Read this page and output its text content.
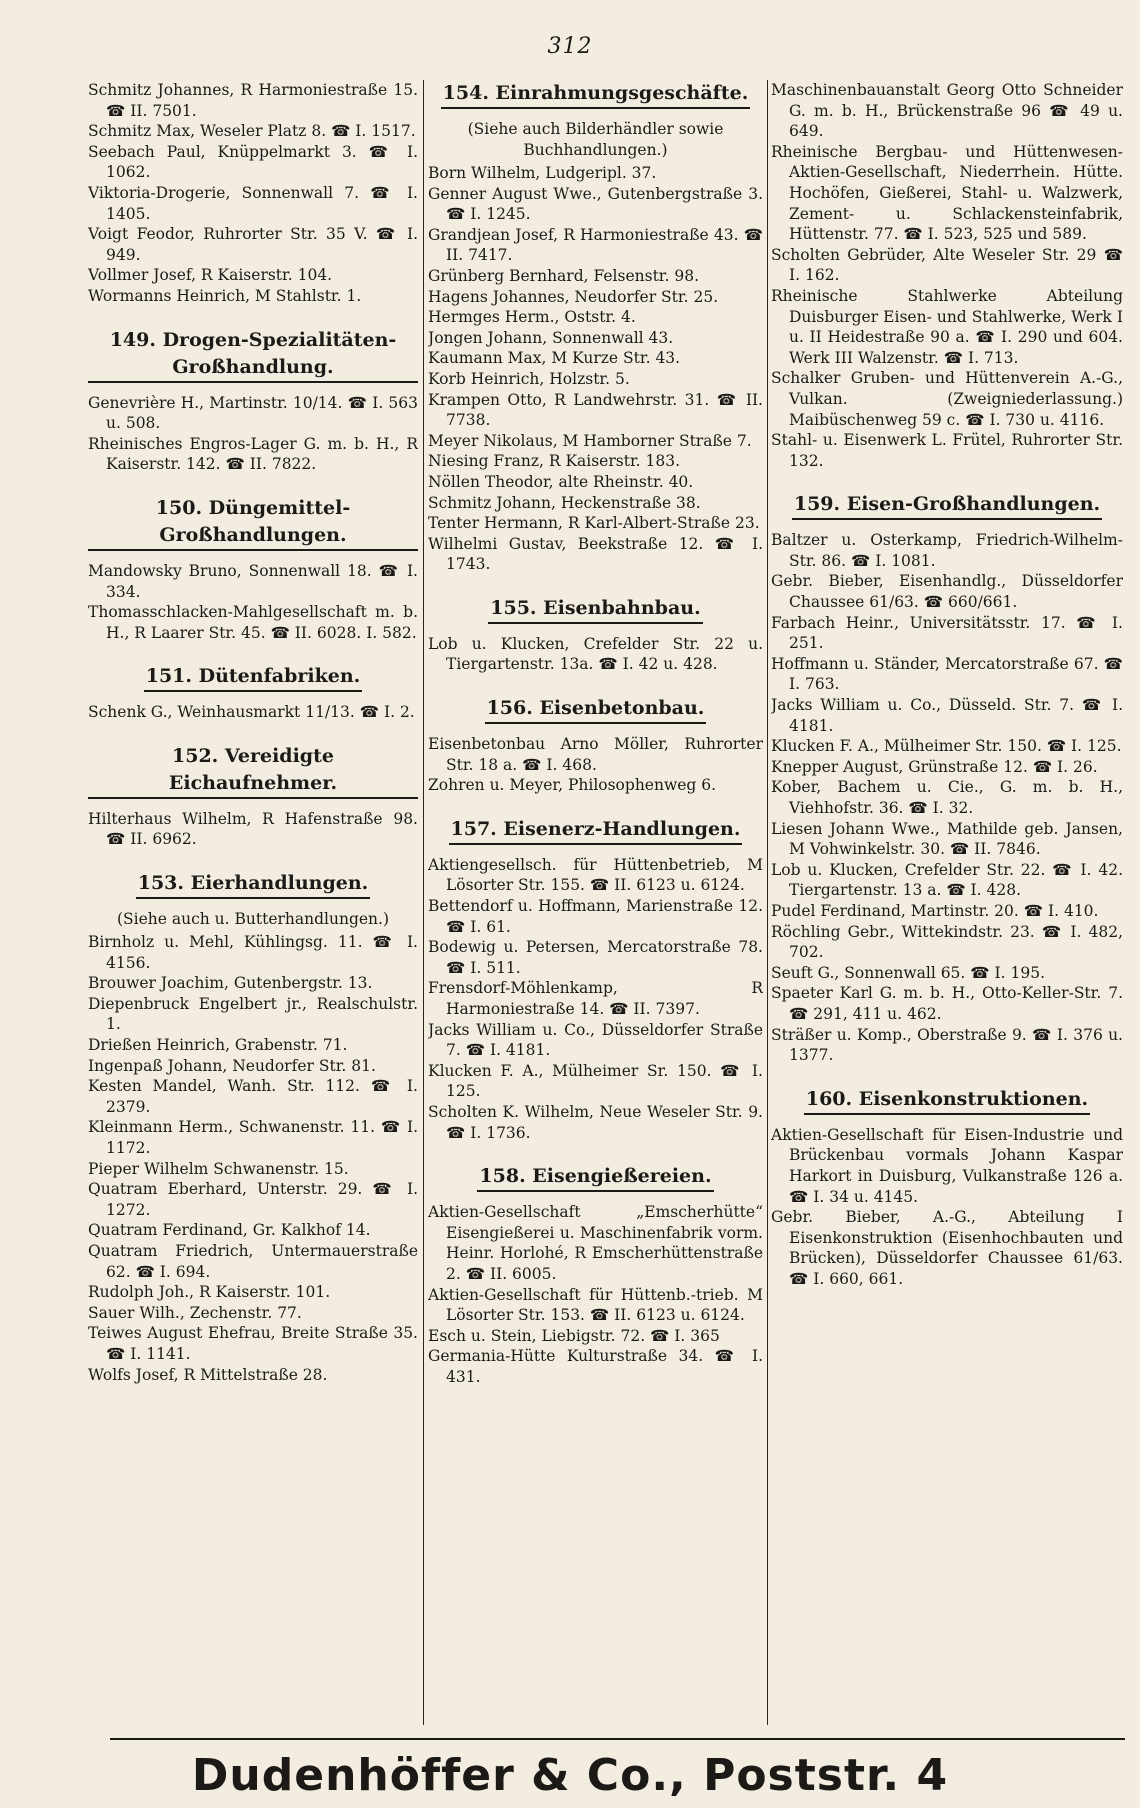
312
Schmitz Johannes, R Harmoniestraße 15. ☎ II. 7501.
Schmitz Max, Weseler Platz 8. ☎ I. 1517.
Seebach Paul, Knüppelmarkt 3. ☎ I. 1062.
Viktoria-Drogerie, Sonnenwall 7. ☎ I. 1405.
Voigt Feodor, Ruhrorter Str. 35 V. ☎ I. 949.
Vollmer Josef, R Kaiserstr. 104.
Wormanns Heinrich, M Stahlstr. 1.
149. Drogen-Spezialitäten-Großhandlung.
Genevrière H., Martinstr. 10/14. ☎ I. 563 u. 508.
Rheinisches Engros-Lager G. m. b. H., R Kaiserstr. 142. ☎ II. 7822.
150. Düngemittel-Großhandlungen.
Mandowsky Bruno, Sonnenwall 18. ☎ I. 334.
Thomasschlacken-Mahlgesellschaft m. b. H., R Laarer Str. 45. ☎ II. 6028. I. 582.
151. Dütenfabriken.
Schenk G., Weinhausmarkt 11/13. ☎ I. 2.
152. Vereidigte Eichaufnehmer.
Hilterhaus Wilhelm, R Hafenstraße 98. ☎ II. 6962.
153. Eierhandlungen.
(Siehe auch u. Butterhandlungen.)
Birnholz u. Mehl, Kühlingsg. 11. ☎ I. 4156.
Brouwer Joachim, Gutenbergstr. 13.
Diepenbruck Engelbert jr., Realschulstr. 1.
Drießen Heinrich, Grabenstr. 71.
Ingenpaß Johann, Neudorfer Str. 81.
Kesten Mandel, Wanh. Str. 112. ☎ I. 2379.
Kleinmann Herm., Schwanenstr. 11. ☎ I. 1172.
Pieper Wilhelm Schwanenstr. 15.
Quatram Eberhard, Unterstr. 29. ☎ I. 1272.
Quatram Ferdinand, Gr. Kalkhof 14.
Quatram Friedrich, Untermauerstraße 62. ☎ I. 694.
Rudolph Joh., R Kaiserstr. 101.
Sauer Wilh., Zechenstr. 77.
Teiwes August Ehefrau, Breite Straße 35. ☎ I. 1141.
Wolfs Josef, R Mittelstraße 28.
154. Einrahmungsgeschäfte.
(Siehe auch Bilderhändler sowie Buchhandlungen.)
Born Wilhelm, Ludgeripl. 37.
Genner August Wwe., Gutenbergstraße 3. ☎ I. 1245.
Grandjean Josef, R Harmoniestraße 43. ☎ II. 7417.
Grünberg Bernhard, Felsenstr. 98.
Hagens Johannes, Neudorfer Str. 25.
Hermges Herm., Oststr. 4.
Jongen Johann, Sonnenwall 43.
Kaumann Max, M Kurze Str. 43.
Korb Heinrich, Holzstr. 5.
Krampen Otto, R Landwehrstr. 31. ☎ II. 7738.
Meyer Nikolaus, M Hamborner Straße 7.
Niesing Franz, R Kaiserstr. 183.
Nöllen Theodor, alte Rheinstr. 40.
Schmitz Johann, Heckenstraße 38.
Tenter Hermann, R Karl-Albert-Straße 23.
Wilhelmi Gustav, Beekstraße 12. ☎ I. 1743.
155. Eisenbahnbau.
Lob u. Klucken, Crefelder Str. 22 u. Tiergartenstr. 13a. ☎ I. 42 u. 428.
156. Eisenbetonbau.
Eisenbetonbau Arno Möller, Ruhrorter Str. 18 a. ☎ I. 468.
Zohren u. Meyer, Philosophenweg 6.
157. Eisenerz-Handlungen.
Aktiengesellsch. für Hüttenbetrieb, M Lösorter Str. 155. ☎ II. 6123 u. 6124.
Bettendorf u. Hoffmann, Marienstraße 12. ☎ I. 61.
Bodewig u. Petersen, Mercatorstraße 78. ☎ I. 511.
Frensdorf-Möhlenkamp, R Harmoniestraße 14. ☎ II. 7397.
Jacks William u. Co., Düsseldorfer Straße 7. ☎ I. 4181.
Klucken F. A., Mülheimer Sr. 150. ☎ I. 125.
Scholten K. Wilhelm, Neue Weseler Str. 9. ☎ I. 1736.
158. Eisengießereien.
Aktien-Gesellschaft „Emscherhütte“ Eisengießerei u. Maschinenfabrik vorm. Heinr. Horlohé, R Emscherhüttenstraße 2. ☎ II. 6005.
Aktien-Gesellschaft für Hüttenb.-trieb. M Lösorter Str. 153. ☎ II. 6123 u. 6124.
Esch u. Stein, Liebigstr. 72. ☎ I. 365
Germania-Hütte Kulturstraße 34. ☎ I. 431.
Maschinenbauanstalt Georg Otto Schneider G. m. b. H., Brückenstraße 96 ☎ 49 u. 649.
Rheinische Bergbau- und Hüttenwesen-Aktien-Gesellschaft, Niederrhein. Hütte. Hochöfen, Gießerei, Stahl- u. Walzwerk, Zement- u. Schlackensteinfabrik, Hüttenstr. 77. ☎ I. 523, 525 und 589.
Scholten Gebrüder, Alte Weseler Str. 29 ☎ I. 162.
Rheinische Stahlwerke Abteilung Duisburger Eisen- und Stahlwerke, Werk I u. II Heidestraße 90 a. ☎ I. 290 und 604. Werk III Walzenstr. ☎ I. 713.
Schalker Gruben- und Hüttenverein A.-G., Vulkan. (Zweigniederlassung.) Maibüschenweg 59 c. ☎ I. 730 u. 4116.
Stahl- u. Eisenwerk L. Frütel, Ruhrorter Str. 132.
159. Eisen-Großhandlungen.
Baltzer u. Osterkamp, Friedrich-Wilhelm-Str. 86. ☎ I. 1081.
Gebr. Bieber, Eisenhandlg., Düsseldorfer Chaussee 61/63. ☎ 660/661.
Farbach Heinr., Universitätsstr. 17. ☎ I. 251.
Hoffmann u. Ständer, Mercatorstraße 67. ☎ I. 763.
Jacks William u. Co., Düsseld. Str. 7. ☎ I. 4181.
Klucken F. A., Mülheimer Str. 150. ☎ I. 125.
Knepper August, Grünstraße 12. ☎ I. 26.
Kober, Bachem u. Cie., G. m. b. H., Viehhofstr. 36. ☎ I. 32.
Liesen Johann Wwe., Mathilde geb. Jansen, M Vohwinkelstr. 30. ☎ II. 7846.
Lob u. Klucken, Crefelder Str. 22. ☎ I. 42. Tiergartenstr. 13 a. ☎ I. 428.
Pudel Ferdinand, Martinstr. 20. ☎ I. 410.
Röchling Gebr., Wittekindstr. 23. ☎ I. 482, 702.
Seuft G., Sonnenwall 65. ☎ I. 195.
Spaeter Karl G. m. b. H., Otto-Keller-Str. 7. ☎ 291, 411 u. 462.
Sträßer u. Komp., Oberstraße 9. ☎ I. 376 u. 1377.
160. Eisenkonstruktionen.
Aktien-Gesellschaft für Eisen-Industrie und Brückenbau vormals Johann Kaspar Harkort in Duisburg, Vulkanstraße 126 a. ☎ I. 34 u. 4145.
Gebr. Bieber, A.-G., Abteilung I Eisenkonstruktion (Eisenhochbauten und Brücken), Düsseldorfer Chaussee 61/63. ☎ I. 660, 661.
Dudenhöffer & Co., Poststr. 4
